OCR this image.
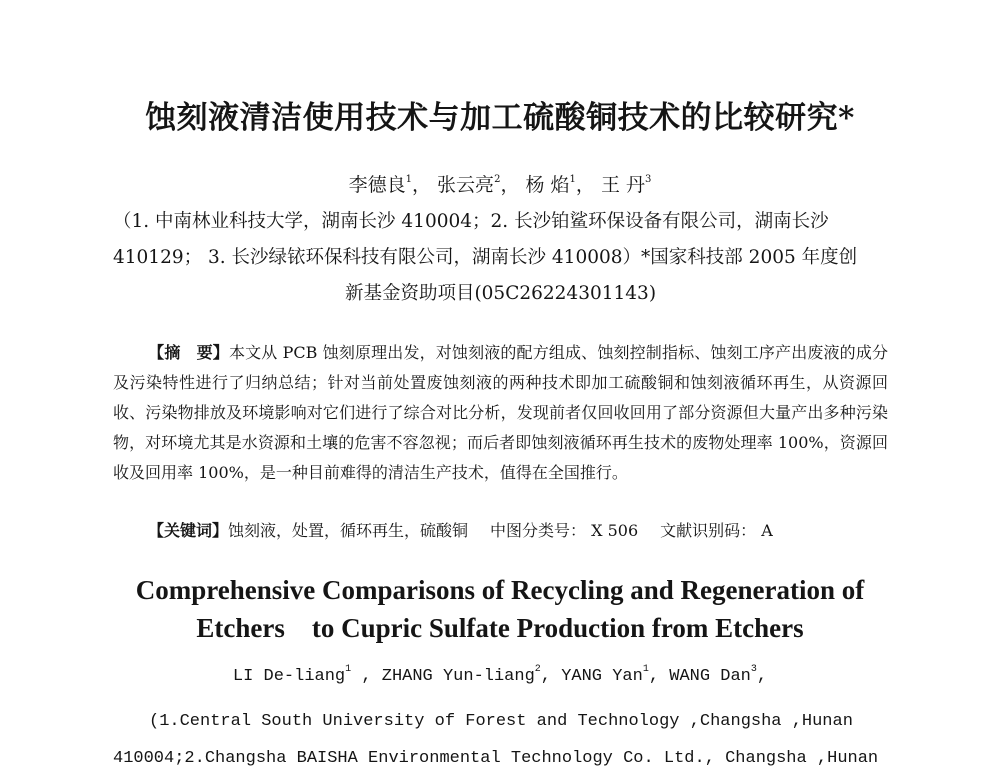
蚀刻液清洁使用技术与加工硫酸铜技术的比较研究*
李德良$^1$， 张云亮$^2$， 杨 焰$^1$， 王 丹$^3$
（1. 中南林业科技大学，湖南长沙 410004；2. 长沙铂鲨环保设备有限公司，湖南长沙
410129； 3. 长沙绿铱环保科技有限公司，湖南长沙 410008）*国家科技部 2005 年度创
新基金资助项目(05C26224301143)
【摘　要】本文从 PCB 蚀刻原理出发，对蚀刻液的配方组成、蚀刻控制指标、蚀刻工序产出废液的成分及污染特性进行了归纳总结；针对当前处置废蚀刻液的两种技术即加工硫酸铜和蚀刻液循环再生，从资源回收、污染物排放及环境影响对它们进行了综合对比分析，发现前者仅回收回用了部分资源但大量产出多种污染物，对环境尤其是水资源和土壤的危害不容忽视；而后者即蚀刻液循环再生技术的废物处理率 100%，资源回收及回用率 100%，是一种目前难得的清洁生产技术，值得在全国推行。
【关键词】蚀刻液，处置，循环再生，硫酸铜 中图分类号： X 506 文献识别码： A
Comprehensive Comparisons of Recycling and Regeneration of
Etchers　to Cupric Sulfate Production from Etchers
LI De-liang$^1$ , ZHANG Yun-liang$^2$, YANG Yan$^1$, WANG Dan$^3$,
(1.Central South University of Forest and Technology ,Changsha ,Hunan
410004;2.Changsha BAISHA Environmental Technology Co. Ltd., Changsha ,Hunan
